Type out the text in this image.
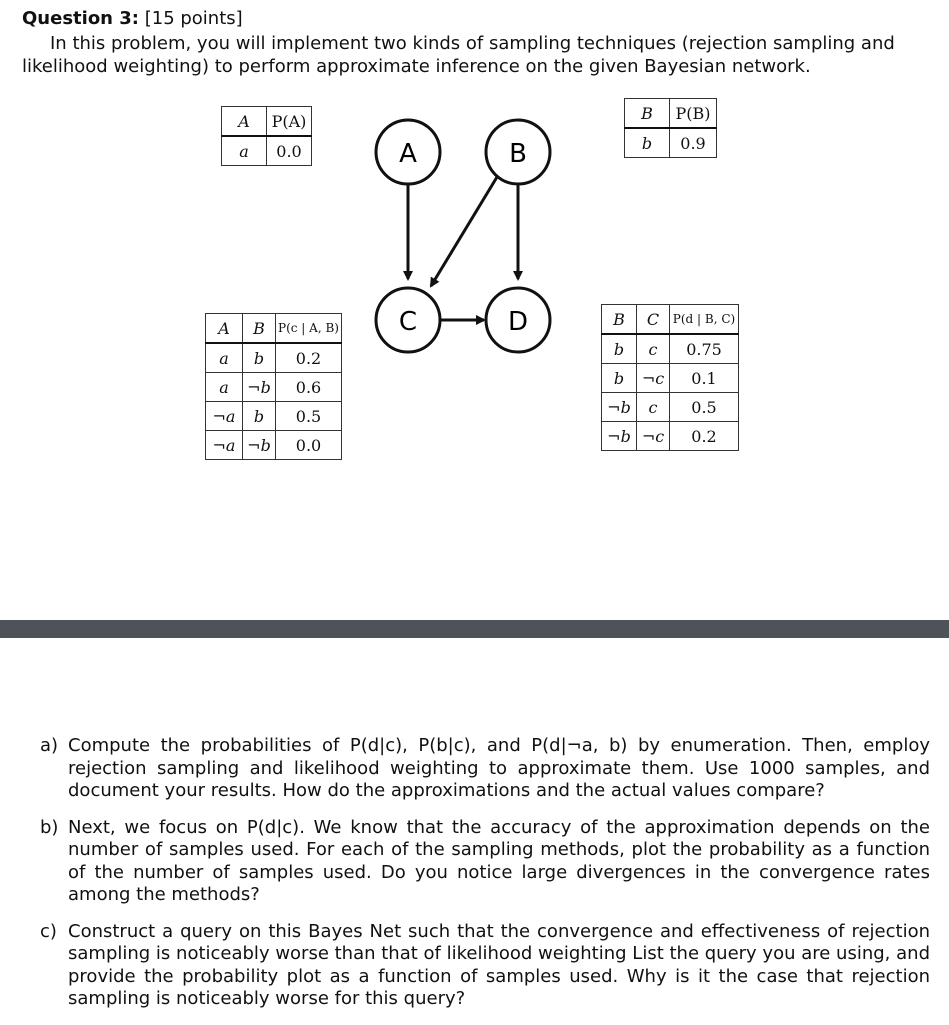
Question 3: [15 points]
In this problem, you will implement two kinds of sampling techniques (rejection sampling and
likelihood weighting) to perform approximate inference on the given Bayesian network.
A	P(A)
a	0.0
B	P(B)
b	0.9
A	B	P(c | A, B)
a	b	0.2
a	¬b	0.6
¬a	b	0.5
¬a	¬b	0.0
B	C	P(d | B, C)
b	c	0.75
b	¬c	0.1
¬b	c	0.5
¬b	¬c	0.2
A	B
C	D
a) Compute the probabilities of P(d|c), P(b|c), and P(d|¬a, b) by enumeration. Then, employ rejection sampling and likelihood weighting to approximate them. Use 1000 samples, and document your results. How do the approximations and the actual values compare?
b) Next, we focus on P(d|c). We know that the accuracy of the approximation depends on the number of samples used. For each of the sampling methods, plot the probability as a function of the number of samples used. Do you notice large divergences in the convergence rates among the methods?
c) Construct a query on this Bayes Net such that the convergence and effectiveness of rejection sampling is noticeably worse than that of likelihood weighting List the query you are using, and provide the probability plot as a function of samples used. Why is it the case that rejection sampling is noticeably worse for this query?
